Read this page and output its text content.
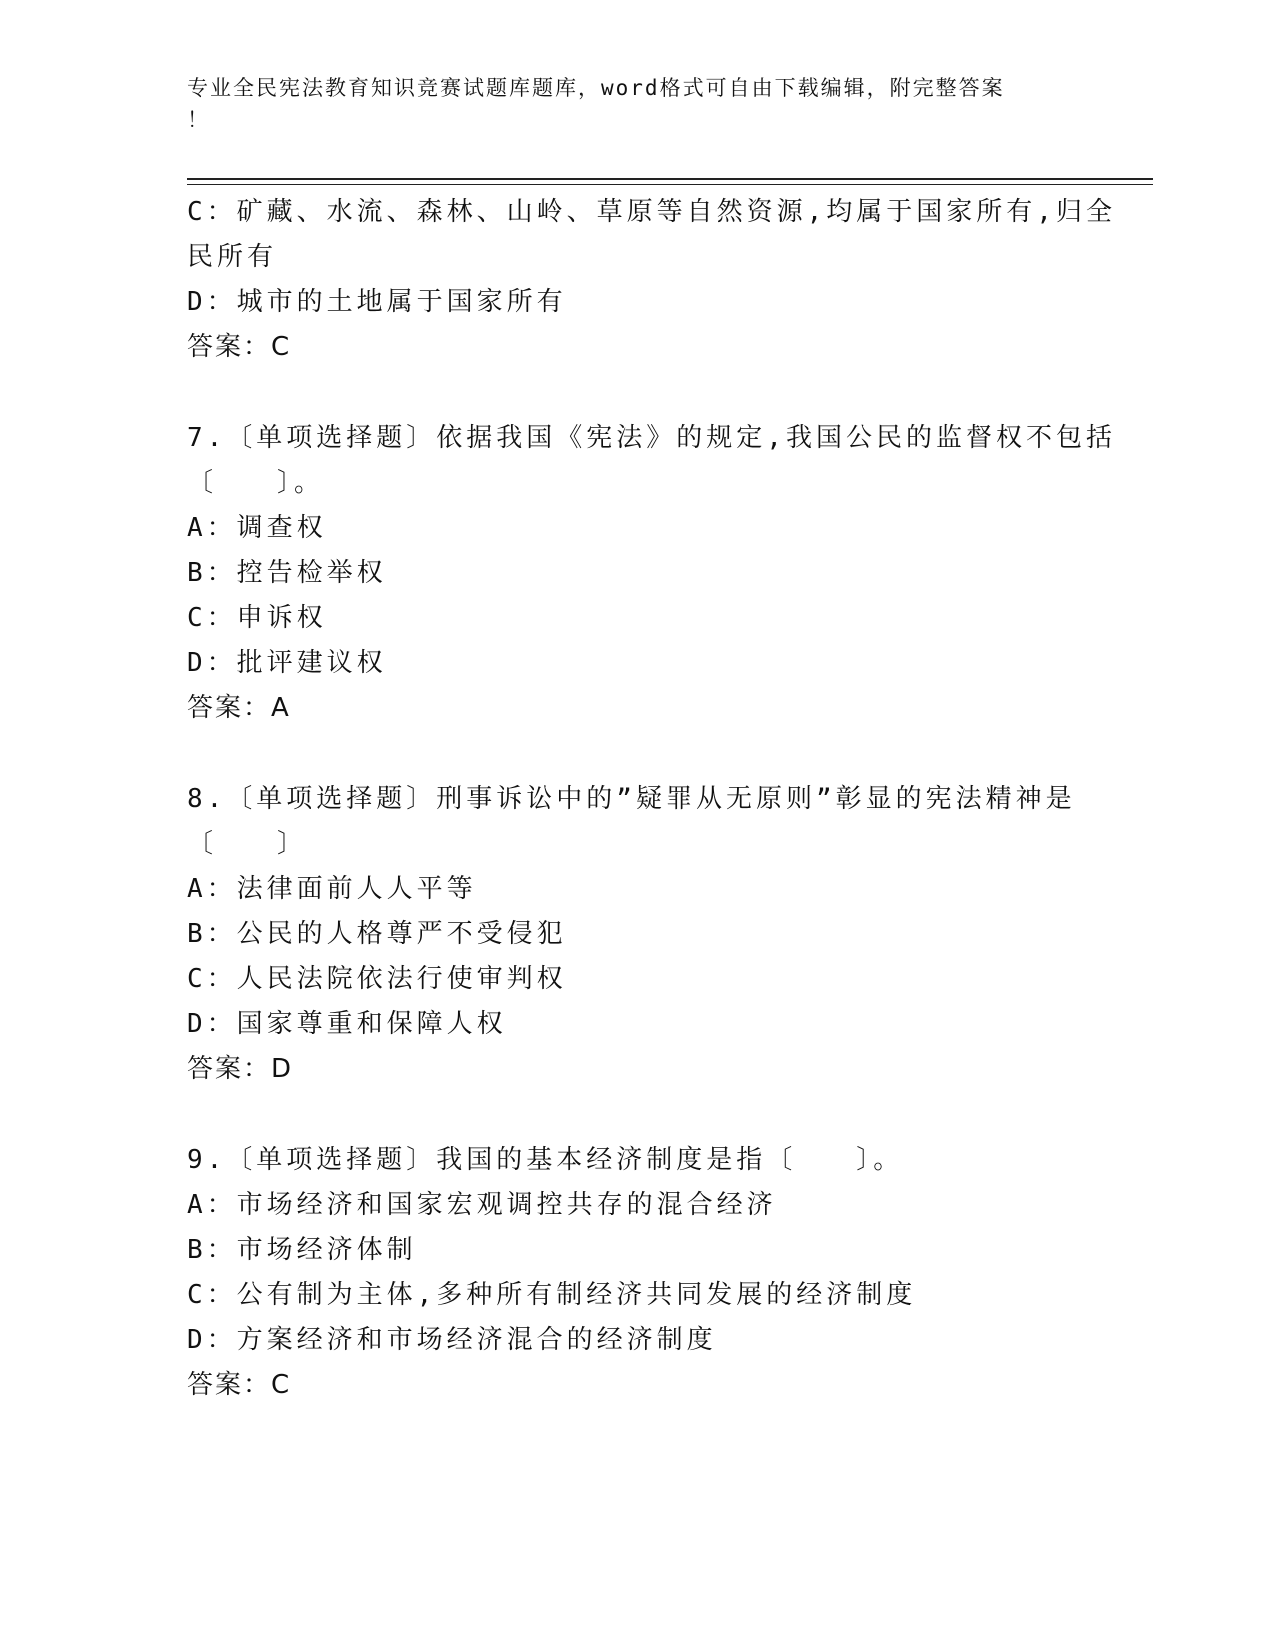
专业全民宪法教育知识竞赛试题库题库，word格式可自由下载编辑，附完整答案
！
C：矿藏、水流、森林、山岭、草原等自然资源,均属于国家所有,归全
民所有
D：城市的土地属于国家所有
答案：C
7.〔单项选择题〕依据我国《宪法》的规定,我国公民的监督权不包括
〔　　〕。
A：调查权
B：控告检举权
C：申诉权
D：批评建议权
答案：A
8.〔单项选择题〕刑事诉讼中的”疑罪从无原则”彰显的宪法精神是
〔　　〕
A：法律面前人人平等
B：公民的人格尊严不受侵犯
C：人民法院依法行使审判权
D：国家尊重和保障人权
答案：D
9.〔单项选择题〕我国的基本经济制度是指〔　　〕。
A：市场经济和国家宏观调控共存的混合经济
B：市场经济体制
C：公有制为主体,多种所有制经济共同发展的经济制度
D：方案经济和市场经济混合的经济制度
答案：C
